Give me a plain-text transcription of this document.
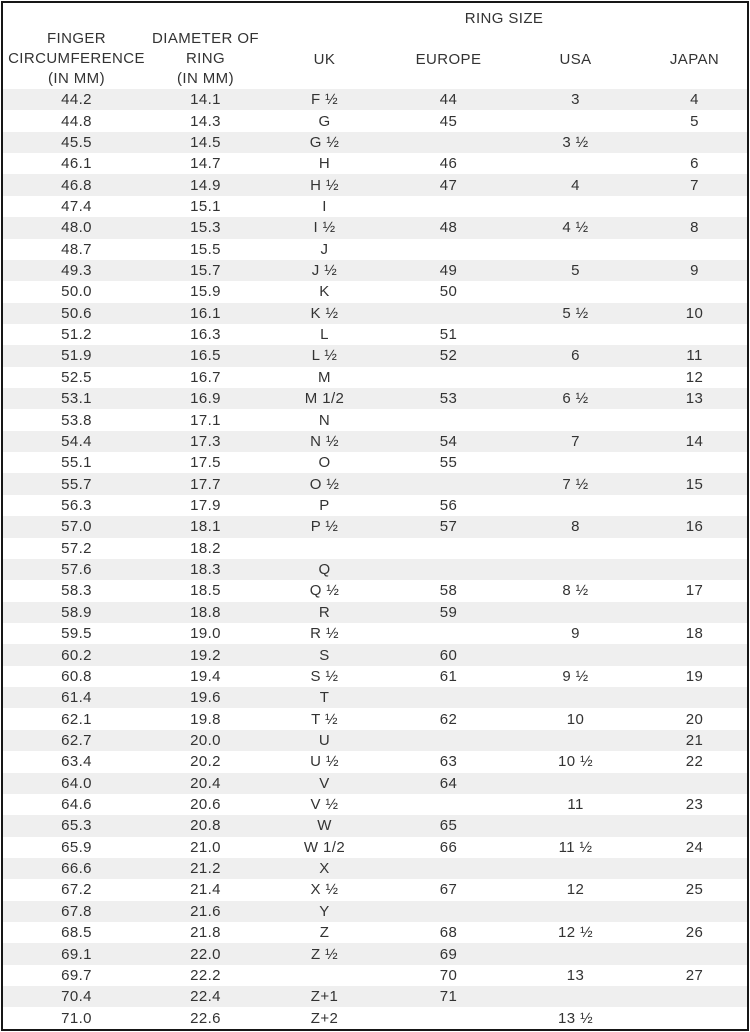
		RING SIZE			

FINGER
CIRCUMFERENCE
(IN MM)	DIAMETER OF
RING
(IN MM)	UK	EUROPE	USA	JAPAN
44.2	14.1	F ½	44	3	4
44.8	14.3	G	45		5
45.5	14.5	G ½		3 ½	
46.1	14.7	H	46		6
46.8	14.9	H ½	47	4	7
47.4	15.1	I			
48.0	15.3	I ½	48	4 ½	8
48.7	15.5	J			
49.3	15.7	J ½	49	5	9
50.0	15.9	K	50		
50.6	16.1	K ½		5 ½	10
51.2	16.3	L	51		
51.9	16.5	L ½	52	6	11
52.5	16.7	M			12
53.1	16.9	M 1/2	53	6 ½	13
53.8	17.1	N			
54.4	17.3	N ½	54	7	14
55.1	17.5	O	55		
55.7	17.7	O ½		7 ½	15
56.3	17.9	P	56		
57.0	18.1	P ½	57	8	16
57.2	18.2				
57.6	18.3	Q			
58.3	18.5	Q ½	58	8 ½	17
58.9	18.8	R	59		
59.5	19.0	R ½		9	18
60.2	19.2	S	60		
60.8	19.4	S ½	61	9 ½	19
61.4	19.6	T			
62.1	19.8	T ½	62	10	20
62.7	20.0	U			21
63.4	20.2	U ½	63	10 ½	22
64.0	20.4	V	64		
64.6	20.6	V ½		11	23
65.3	20.8	W	65		
65.9	21.0	W 1/2	66	11 ½	24
66.6	21.2	X			
67.2	21.4	X ½	67	12	25
67.8	21.6	Y			
68.5	21.8	Z	68	12 ½	26
69.1	22.0	Z ½	69		
69.7	22.2		70	13	27
70.4	22.4	Z+1	71		
71.0	22.6	Z+2		13 ½	
